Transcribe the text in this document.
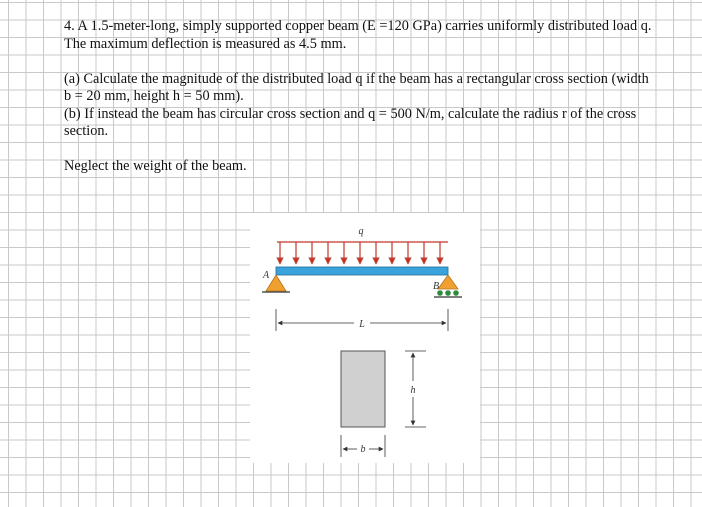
4. A 1.5-meter-long, simply supported copper beam (E =120 GPa) carries uniformly distributed load q. The maximum deflection is measured as 4.5 mm.

(a) Calculate the magnitude of the distributed load q if the beam has a rectangular cross section (width b = 20 mm, height h = 50 mm).

(b) If instead the beam has circular cross section and q = 500 N/m, calculate the radius r of the cross section.

Neglect the weight of the beam.

q
A
B
L
h
b
